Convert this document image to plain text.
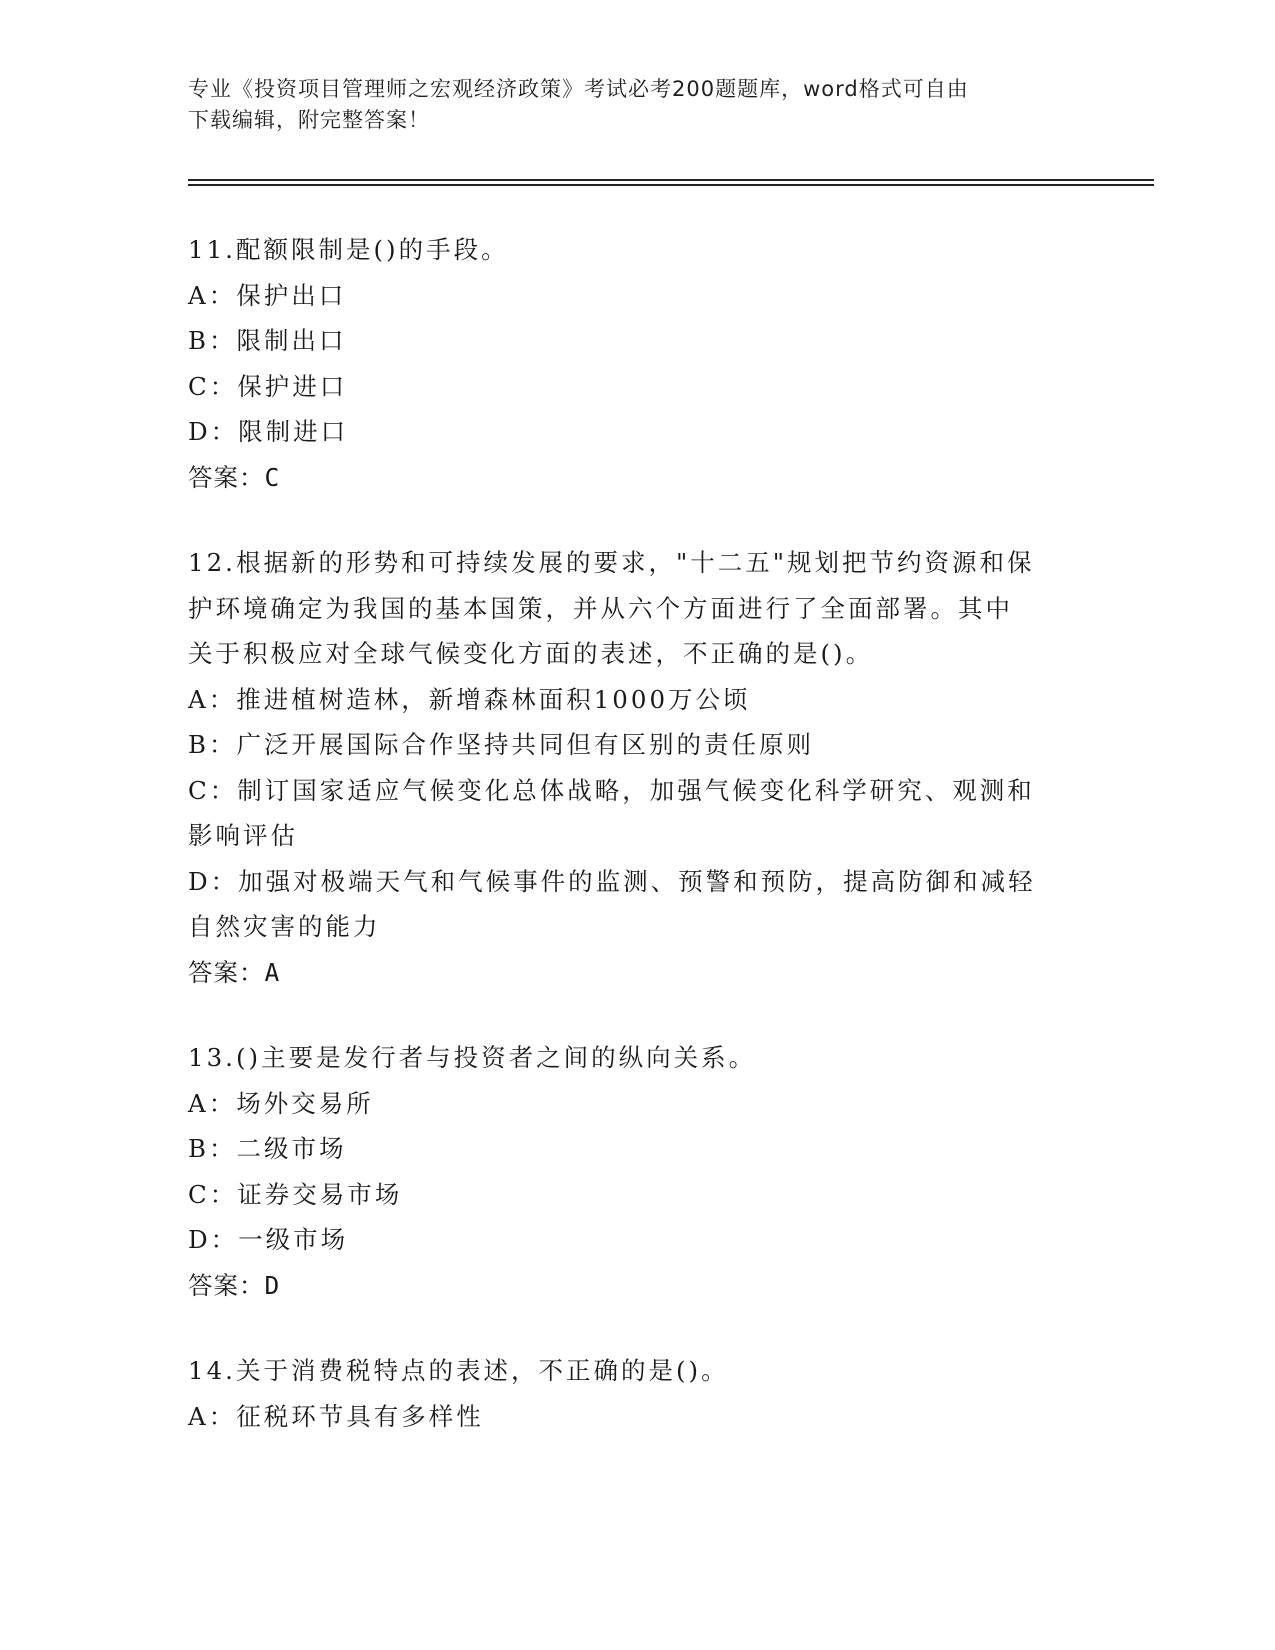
专业《投资项目管理师之宏观经济政策》考试必考200题题库，word格式可自由
下载编辑，附完整答案！

11.配额限制是()的手段。

A：保护出口

B：限制出口

C：保护进口

D：限制进口

答案：C

12.根据新的形势和可持续发展的要求，"十二五"规划把节约资源和保

护环境确定为我国的基本国策，并从六个方面进行了全面部署。其中

关于积极应对全球气候变化方面的表述，不正确的是()。

A：推进植树造林，新增森林面积1000万公顷

B：广泛开展国际合作坚持共同但有区别的责任原则

C：制订国家适应气候变化总体战略，加强气候变化科学研究、观测和

影响评估

D：加强对极端天气和气候事件的监测、预警和预防，提高防御和减轻

自然灾害的能力

答案：A

13.()主要是发行者与投资者之间的纵向关系。

A：场外交易所

B：二级市场

C：证券交易市场

D：一级市场

答案：D

14.关于消费税特点的表述，不正确的是()。

A：征税环节具有多样性
